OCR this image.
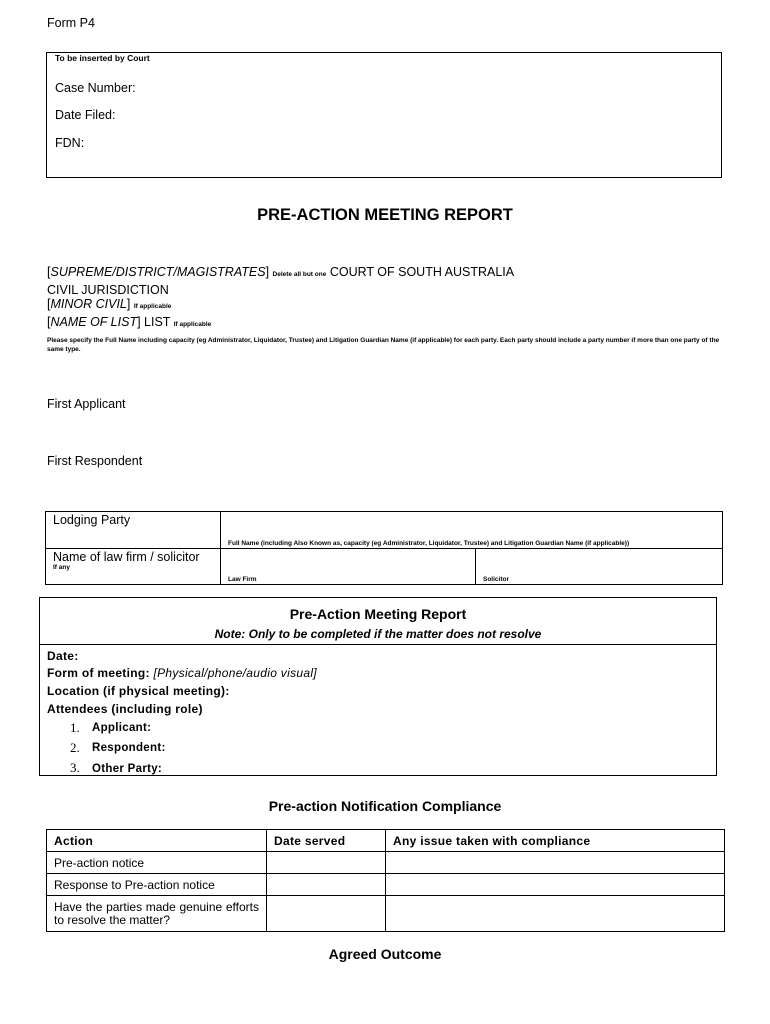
Form P4
To be inserted by Court
Case Number:
Date Filed:
FDN:
PRE-ACTION MEETING REPORT
[SUPREME/DISTRICT/MAGISTRATES] Delete all but one COURT OF SOUTH AUSTRALIA
CIVIL JURISDICTION
[MINOR CIVIL] If applicable
[NAME OF LIST] LIST If applicable
Please specify the Full Name including capacity (eg Administrator, Liquidator, Trustee) and Litigation Guardian Name (if applicable) for each party. Each party should include a party number if more than one party of the same type.
First Applicant
First Respondent
Lodging Party	Full Name (including Also Known as, capacity (eg Administrator, Liquidator, Trustee) and Litigation Guardian Name (if applicable))	

Name of law firm / solicitor
If any	Law Firm	Solicitor
Pre-Action Meeting Report
Note: Only to be completed if the matter does not resolve
Date:
Form of meeting: [Physical/phone/audio visual]
Location (if physical meeting):
Attendees (including role)
1. Applicant:
2. Respondent:
3. Other Party:
Pre-action Notification Compliance
Action	Date served	Any issue taken with compliance
Pre-action notice		
Response to Pre-action notice		
Have the parties made genuine efforts to resolve the matter?		
Agreed Outcome
